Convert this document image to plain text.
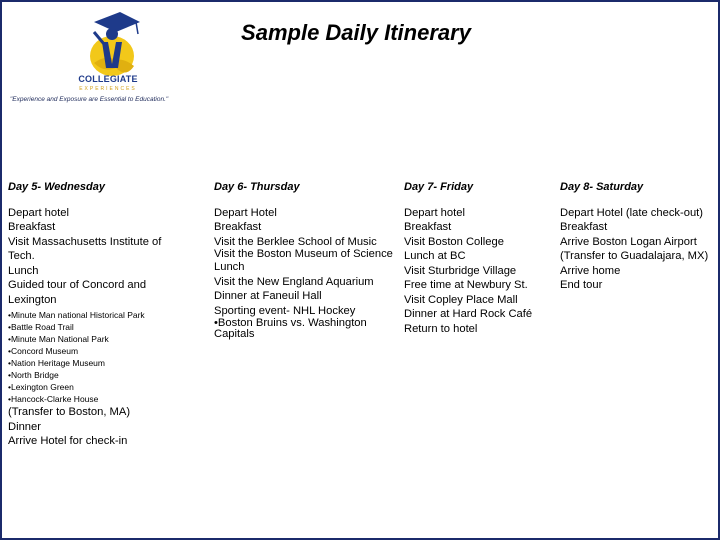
Sample Daily Itinerary
COLLEGIATE
EXPERIENCES
"Experience and Exposure are Essential to Education."
Day 5- Wednesday
Depart hotel
Breakfast
Visit Massachusetts Institute of Tech.
Lunch
Guided tour of Concord and Lexington
•Minute Man national Historical Park
•Battle Road Trail
•Minute Man National Park
•Concord Museum
•Nation Heritage Museum
•North Bridge
•Lexington Green
•Hancock-Clarke House
(Transfer to Boston, MA)
Dinner
Arrive Hotel for check-in
Day 6- Thursday
Depart Hotel
Breakfast
Visit the Berklee School of Music
Visit the Boston Museum of Science
Lunch
Visit the New England Aquarium
Dinner at Faneuil Hall
Sporting event- NHL Hockey
•Boston Bruins vs. Washington Capitals
Day 7- Friday
Depart hotel
Breakfast
Visit Boston College
Lunch at BC
Visit Sturbridge Village
Free time at Newbury St.
Visit Copley Place Mall
Dinner at Hard Rock Café
Return to hotel
Day 8- Saturday
Depart Hotel (late check-out)
Breakfast
Arrive Boston Logan Airport
(Transfer to Guadalajara, MX)
Arrive home
End tour
